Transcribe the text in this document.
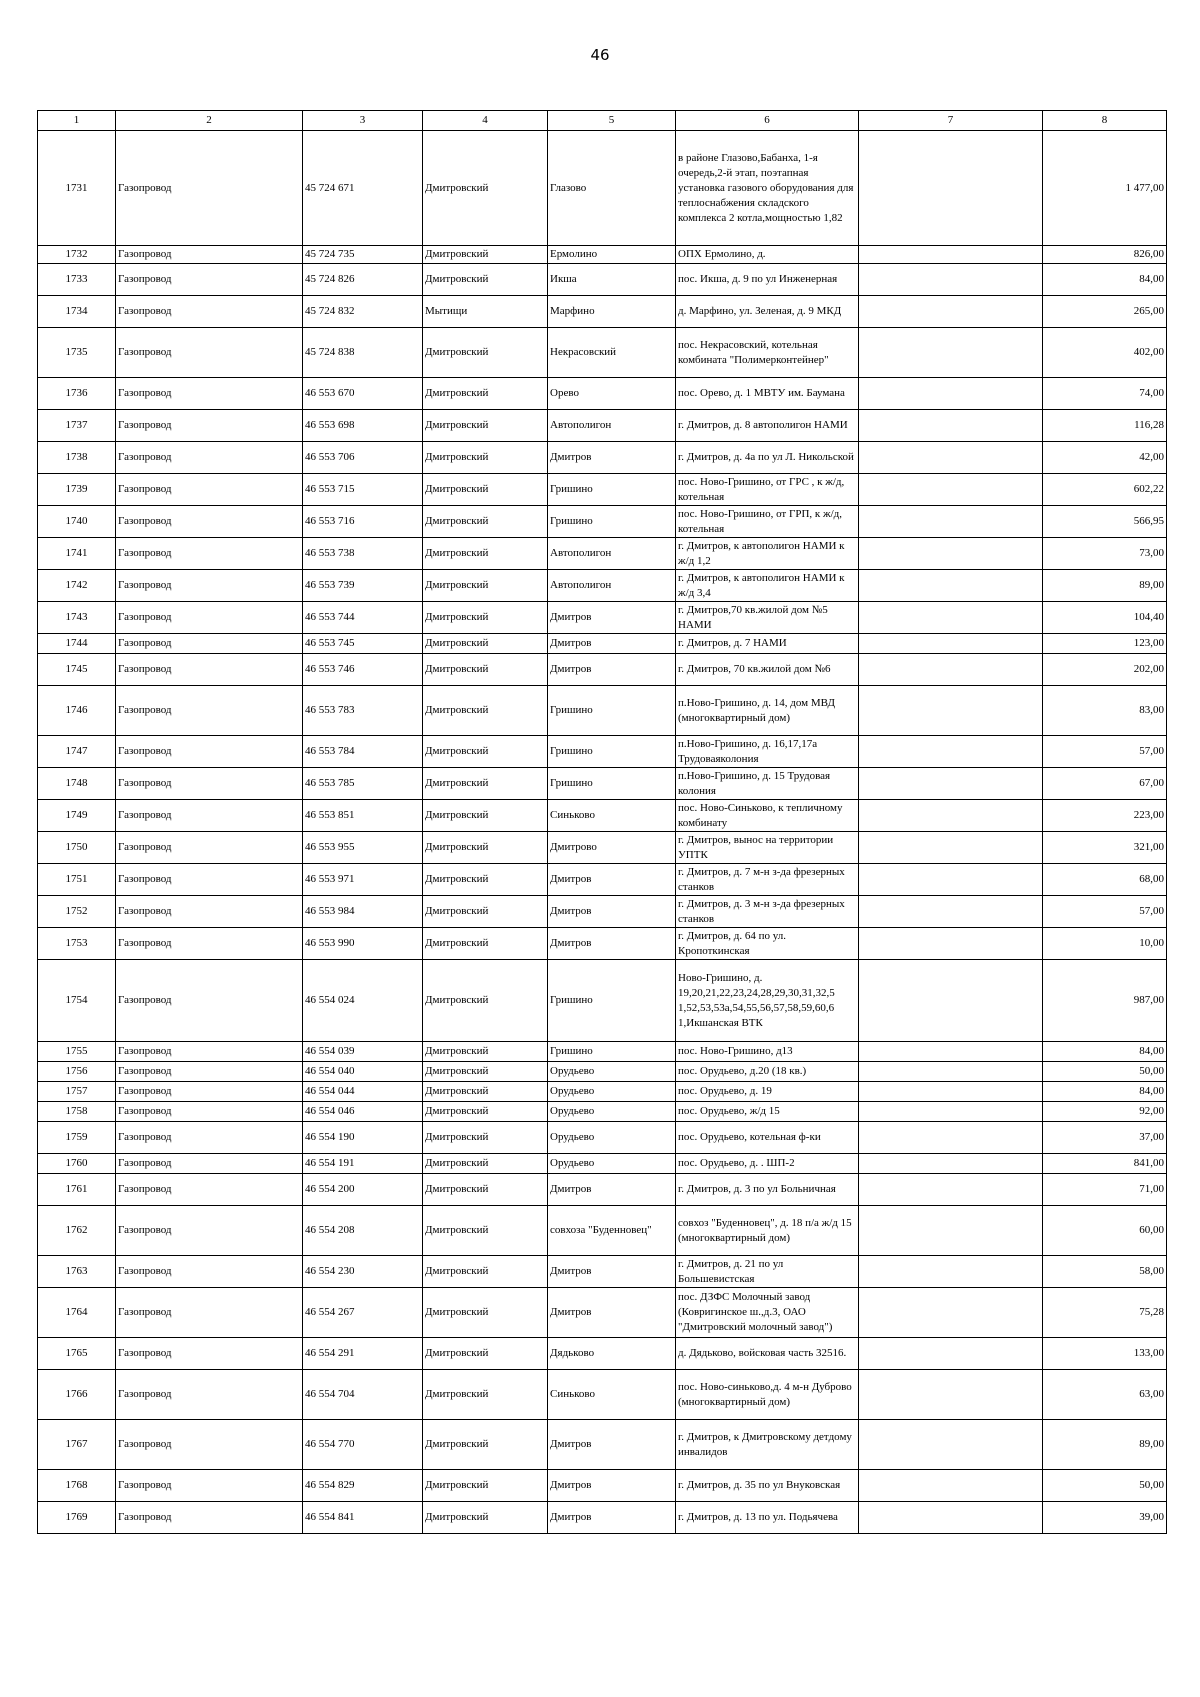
46
1	2	3	4	5	6	7	8
1731	Газопровод	45 724 671	Дмитровский	Глазово	в районе Глазово,Бабанха, 1-я очередь,2-й этап, поэтапная установка газового оборудования для теплоснабжения складского комплекса 2 котла,мощностью 1,82		1 477,00
1732	Газопровод	45 724 735	Дмитровский	Ермолино	ОПХ Ермолино, д.		826,00
1733	Газопровод	45 724 826	Дмитровский	Икша	пос. Икша, д. 9 по ул Инженерная		84,00
1734	Газопровод	45 724 832	Мытищи	Марфино	д. Марфино, ул. Зеленая, д. 9 МКД		265,00
1735	Газопровод	45 724 838	Дмитровский	Некрасовский	пос. Некрасовский, котельная комбината "Полимерконтейнер"		402,00
1736	Газопровод	46 553 670	Дмитровский	Орево	пос. Орево, д. 1 МВТУ им. Баумана		74,00
1737	Газопровод	46 553 698	Дмитровский	Автополигон	г. Дмитров, д. 8 автополигон НАМИ		116,28
1738	Газопровод	46 553 706	Дмитровский	Дмитров	г. Дмитров, д. 4а по ул Л. Никольской		42,00
1739	Газопровод	46 553 715	Дмитровский	Гришино	пос. Ново-Гришино, от ГРС , к ж/д, котельная		602,22
1740	Газопровод	46 553 716	Дмитровский	Гришино	пос. Ново-Гришино, от ГРП, к ж/д, котельная		566,95
1741	Газопровод	46 553 738	Дмитровский	Автополигон	г. Дмитров, к автополигон НАМИ к ж/д 1,2		73,00
1742	Газопровод	46 553 739	Дмитровский	Автополигон	г. Дмитров, к автополигон НАМИ к ж/д 3,4		89,00
1743	Газопровод	46 553 744	Дмитровский	Дмитров	г. Дмитров,70 кв.жилой дом №5 НАМИ		104,40
1744	Газопровод	46 553 745	Дмитровский	Дмитров	г. Дмитров, д. 7 НАМИ		123,00
1745	Газопровод	46 553 746	Дмитровский	Дмитров	г. Дмитров, 70 кв.жилой дом №6		202,00
1746	Газопровод	46 553 783	Дмитровский	Гришино	п.Ново-Гришино, д. 14, дом МВД (многоквартирный дом)		83,00
1747	Газопровод	46 553 784	Дмитровский	Гришино	п.Ново-Гришино, д. 16,17,17а Трудоваяколония		57,00
1748	Газопровод	46 553 785	Дмитровский	Гришино	п.Ново-Гришино, д. 15 Трудовая колония		67,00
1749	Газопровод	46 553 851	Дмитровский	Синьково	пос. Ново-Синьково, к тепличному комбинату		223,00
1750	Газопровод	46 553 955	Дмитровский	Дмитрово	г. Дмитров, вынос на территории УПТК		321,00
1751	Газопровод	46 553 971	Дмитровский	Дмитров	г. Дмитров, д. 7 м-н з-да фрезерных станков		68,00
1752	Газопровод	46 553 984	Дмитровский	Дмитров	г. Дмитров, д. 3 м-н з-да фрезерных станков		57,00
1753	Газопровод	46 553 990	Дмитровский	Дмитров	г. Дмитров, д. 64 по ул. Кропоткинская		10,00
1754	Газопровод	46 554 024	Дмитровский	Гришино	Ново-Гришино, д. 19,20,21,22,23,24,28,29,30,31,32,5 1,52,53,53а,54,55,56,57,58,59,60,6 1,Икшанская ВТК		987,00
1755	Газопровод	46 554 039	Дмитровский	Гришино	пос. Ново-Гришино, д13		84,00
1756	Газопровод	46 554 040	Дмитровский	Орудьево	пос. Орудьево, д.20 (18 кв.)		50,00
1757	Газопровод	46 554 044	Дмитровский	Орудьево	пос. Орудьево, д. 19		84,00
1758	Газопровод	46 554 046	Дмитровский	Орудьево	пос. Орудьево, ж/д 15		92,00
1759	Газопровод	46 554 190	Дмитровский	Орудьево	пос. Орудьево, котельная ф-ки		37,00
1760	Газопровод	46 554 191	Дмитровский	Орудьево	пос. Орудьево, д. . ШП-2		841,00
1761	Газопровод	46 554 200	Дмитровский	Дмитров	г. Дмитров, д. 3 по ул Больничная		71,00
1762	Газопровод	46 554 208	Дмитровский	совхоза "Буденновец"	совхоз "Буденновец", д. 18 п/а ж/д 15 (многоквартирный дом)		60,00
1763	Газопровод	46 554 230	Дмитровский	Дмитров	г. Дмитров, д. 21 по ул Большевистская		58,00
1764	Газопровод	46 554 267	Дмитровский	Дмитров	пос. ДЗФС Молочный завод (Ковригинское ш.,д.3, ОАО "Дмитровский молочный завод")		75,28
1765	Газопровод	46 554 291	Дмитровский	Дядьково	д. Дядьково, войсковая часть 32516.		133,00
1766	Газопровод	46 554 704	Дмитровский	Синьково	пос. Ново-синьково,д. 4 м-н Дуброво (многоквартирный дом)		63,00
1767	Газопровод	46 554 770	Дмитровский	Дмитров	г. Дмитров, к Дмитровскому детдому инвалидов		89,00
1768	Газопровод	46 554 829	Дмитровский	Дмитров	г. Дмитров, д. 35 по ул Внуковская		50,00
1769	Газопровод	46 554 841	Дмитровский	Дмитров	г. Дмитров, д. 13 по ул. Подьячева		39,00
